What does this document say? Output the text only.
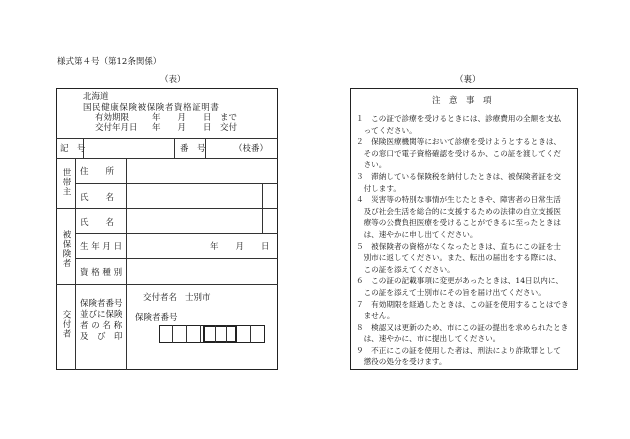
様式第４号（第12条関係）
（表）	（裏）
北海道
国民健康保険被保険者資格証明書
有効期限	年　　月　　日　まで
交付年月日 年　　月　　日　交付
記　号	番　号	（枝番）
世帯主 住　　所
氏　　名
被保険者
氏　　名
生 年 月 日	年　　月　　日
資 格 種 別
交付者
保険者番号
並びに保険
者 の 名 称
及　び　印
交付者名 士別市
保険者番号
注　意　事　項
１　この証で診療を受けるときには、診療費用の全額を支払
　ってください。
２　保険医療機関等において診療を受けようとするときは、
　その窓口で電子資格確認を受けるか、この証を渡してくだ
　さい。
３　滞納している保険税を納付したときは、被保険者証を交
　付します。
４　災害等の特別な事情が生じたときや、障害者の日常生活
　及び社会生活を総合的に支援するための法律の自立支援医
　療等の公費負担医療を受けることができるに至ったときは
　は、速やかに申し出てください。
５　被保険者の資格がなくなったときは、直ちにこの証を士
　別市に返してください。また、転出の届出をする際には、
　この証を添えてください。
６　この証の記載事項に変更があったときは、14日以内に、
　この証を添えて士別市にその旨を届け出てください。
７　有効期限を経過したときは、この証を使用することはでき
　ません。
８　検認又は更新のため、市にこの証の提出を求められたとき
　は、速やかに、市に提出してください。
９　不正にこの証を使用した者は、刑法により詐欺罪として
　懲役の処分を受けます。
